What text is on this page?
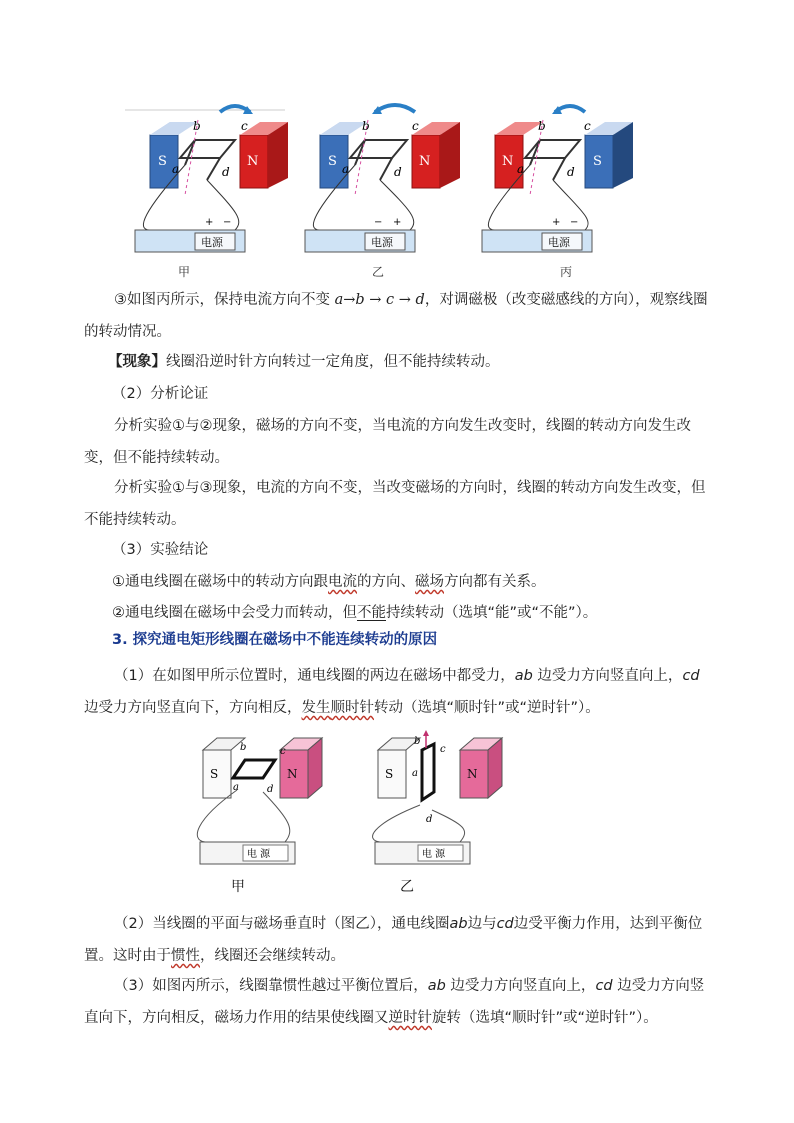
S	N
b	c
a	d
电源
+ −
S	N
b	c
a	d
电源
− +
N	S
b	c
a	d
电源
+ −
甲	乙	丙
③如图丙所示，保持电流方向不变 a→b → c → d，对调磁极（改变磁感线的方向），观察线圈的转动情况。
【现象】线圈沿逆时针方向转过一定角度，但不能持续转动。
（2）分析论证
分析实验①与②现象，磁场的方向不变，当电流的方向发生改变时，线圈的转动方向发生改变，但不能持续转动。
分析实验①与③现象，电流的方向不变，当改变磁场的方向时，线圈的转动方向发生改变，但不能持续转动。
（3）实验结论
①通电线圈在磁场中的转动方向跟电流的方向、磁场方向都有关系。
②通电线圈在磁场中会受力而转动，但不能持续转动（选填“能”或“不能”）。
3. 探究通电矩形线圈在磁场中不能连续转动的原因
（1）在如图甲所示位置时，通电线圈的两边在磁场中都受力，ab 边受力方向竖直向上，cd 边受力方向竖直向下，方向相反，发生顺时针转动（选填“顺时针”或“逆时针”）。
S	N
b	c
a	d
电 源
S	N
b
c
a
d
电 源
甲	乙
（2）当线圈的平面与磁场垂直时（图乙），通电线圈ab边与cd边受平衡力作用，达到平衡位置。这时由于惯性，线圈还会继续转动。
（3）如图丙所示，线圈靠惯性越过平衡位置后，ab 边受力方向竖直向上，cd 边受力方向竖直向下，方向相反，磁场力作用的结果使线圈又逆时针旋转（选填“顺时针”或“逆时针”）。
